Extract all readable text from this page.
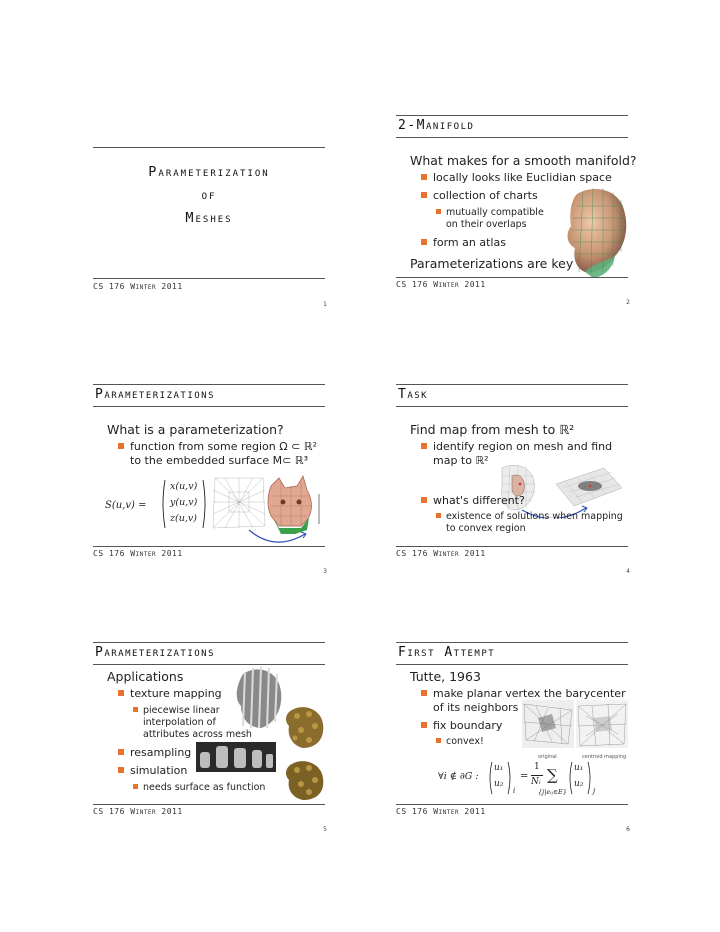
Parameterization
of
Meshes
CS 176 Winter 2011
1
2-Manifold
What makes for a smooth manifold?
locally looks like Euclidian space
collection of charts
mutually compatible
on their overlaps
form an atlas
Parameterizations are key
CS 176 Winter 2011
2
Parameterizations
What is a parameterization?
function from some region Ω ⊂ ℝ²
to the embedded surface M⊂ ℝ³
S(u,v) =
x(u,v)
y(u,v)
z(u,v)
CS 176 Winter 2011
3
Task
Find map from mesh to ℝ²
identify region on mesh and find
map to ℝ²
what's different?
existence of solutions when mapping
to convex region
CS 176 Winter 2011
4
Parameterizations
Applications
texture mapping
piecewise linear
interpolation of
attributes across mesh
resampling
simulation
needs surface as function
CS 176 Winter 2011
5
First Attempt
Tutte, 1963
make planar vertex the barycenter
of its neighbors
fix boundary
convex!
original	centroid mapping
∀i ∉ ∂G :
u₁
u₂
i
=
1
Nᵢ ∑
{j|eᵢⱼ∈E}
u₁
u₂
j
CS 176 Winter 2011
6
